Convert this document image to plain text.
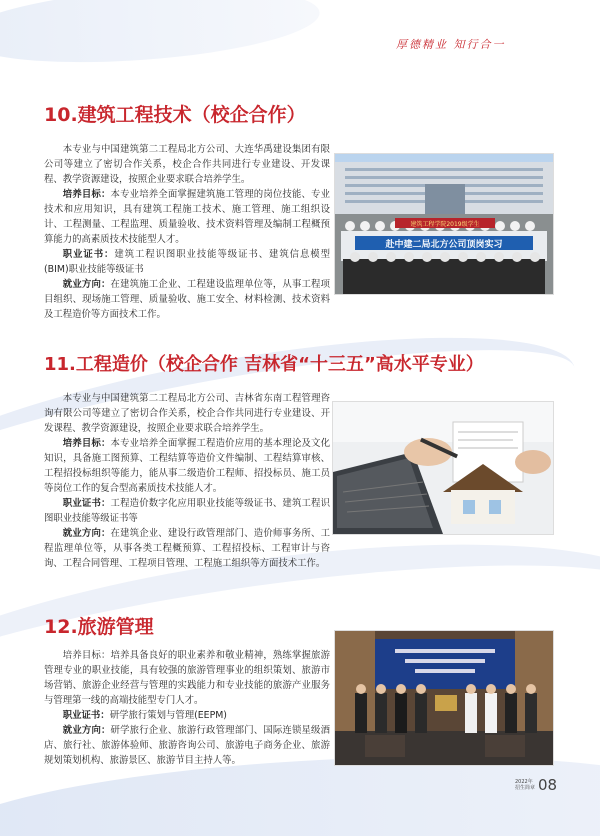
厚德精业 知行合一
10.建筑工程技术（校企合作）

本专业与中国建筑第二工程局北方公司、大连华禹建设集团有限公司等建立了密切合作关系，校企合作共同进行专业建设、开发课程、教学资源建设，按照企业要求联合培养学生。

培养目标：本专业培养全面掌握建筑施工管理的岗位技能、专业技术和应用知识，具有建筑工程施工技术、施工管理、施工组织设计、工程测量、工程监理、质量验收、技术资料管理及编制工程概预算能力的高素质技术技能型人才。

职业证书：建筑工程识图职业技能等级证书、建筑信息模型(BIM)职业技能等级证书

就业方向：在建筑施工企业、工程建设监理单位等，从事工程项目组织、现场施工管理、质量验收、施工安全、材料检测、技术资料及工程造价等方面技术工作。

建筑工程学院2019级学生
赴中建二局北方公司顶岗实习
11.工程造价（校企合作 吉林省“十三五”高水平专业）

本专业与中国建筑第二工程局北方公司、吉林省东南工程管理咨询有限公司等建立了密切合作关系，校企合作共同进行专业建设、开发课程、教学资源建设，按照企业要求联合培养学生。

培养目标：本专业培养全面掌握工程造价应用的基本理论及文化知识，具备施工图预算、工程结算等造价文件编制、工程结算审核、工程招投标组织等能力，能从事二级造价工程师、招投标员、施工员等岗位工作的复合型高素质技术技能人才。

职业证书：工程造价数字化应用职业技能等级证书、建筑工程识图职业技能等级证书等

就业方向：在建筑企业、建设行政管理部门、造价师事务所、工程监理单位等，从事各类工程概预算、工程招投标、工程审计与咨询、工程合同管理、工程项目管理、工程施工组织等方面技术工作。

12.旅游管理

培养目标：培养具备良好的职业素养和敬业精神，熟练掌握旅游管理专业的职业技能，具有较强的旅游管理事业的组织策划、旅游市场营销、旅游企业经营与管理的实践能力和专业技能的旅游产业服务与管理第一线的高端技能型专门人才。

职业证书：研学旅行策划与管理(EEPM)

就业方向：研学旅行企业、旅游行政管理部门、国际连锁星级酒店、旅行社、旅游体验师、旅游咨询公司、旅游电子商务企业、旅游规划策划机构、旅游景区、旅游节目主持人等。

2022年
招生简章 08
